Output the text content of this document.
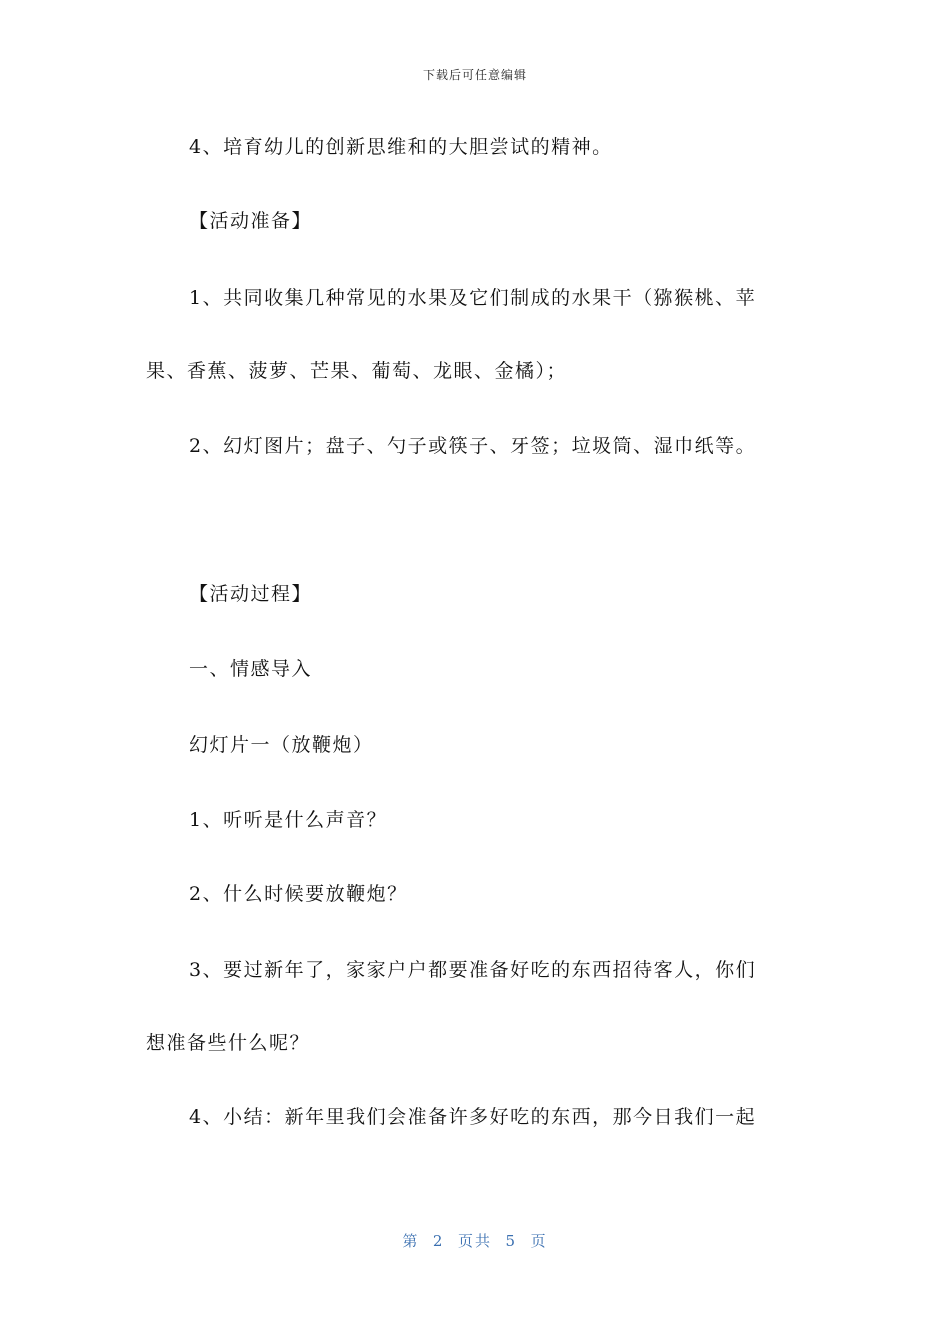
下载后可任意编辑
4、培育幼儿的创新思维和的大胆尝试的精神。
【活动准备】
1、共同收集几种常见的水果及它们制成的水果干（猕猴桃、苹
果、香蕉、菠萝、芒果、葡萄、龙眼、金橘）；
2、幻灯图片；盘子、勺子或筷子、牙签；垃圾筒、湿巾纸等。
【活动过程】
一、情感导入
幻灯片一（放鞭炮）
1、听听是什么声音？
2、什么时候要放鞭炮？
3、要过新年了，家家户户都要准备好吃的东西招待客人，你们
想准备些什么呢？
4、小结：新年里我们会准备许多好吃的东西，那今日我们一起
第  2  页共  5  页
